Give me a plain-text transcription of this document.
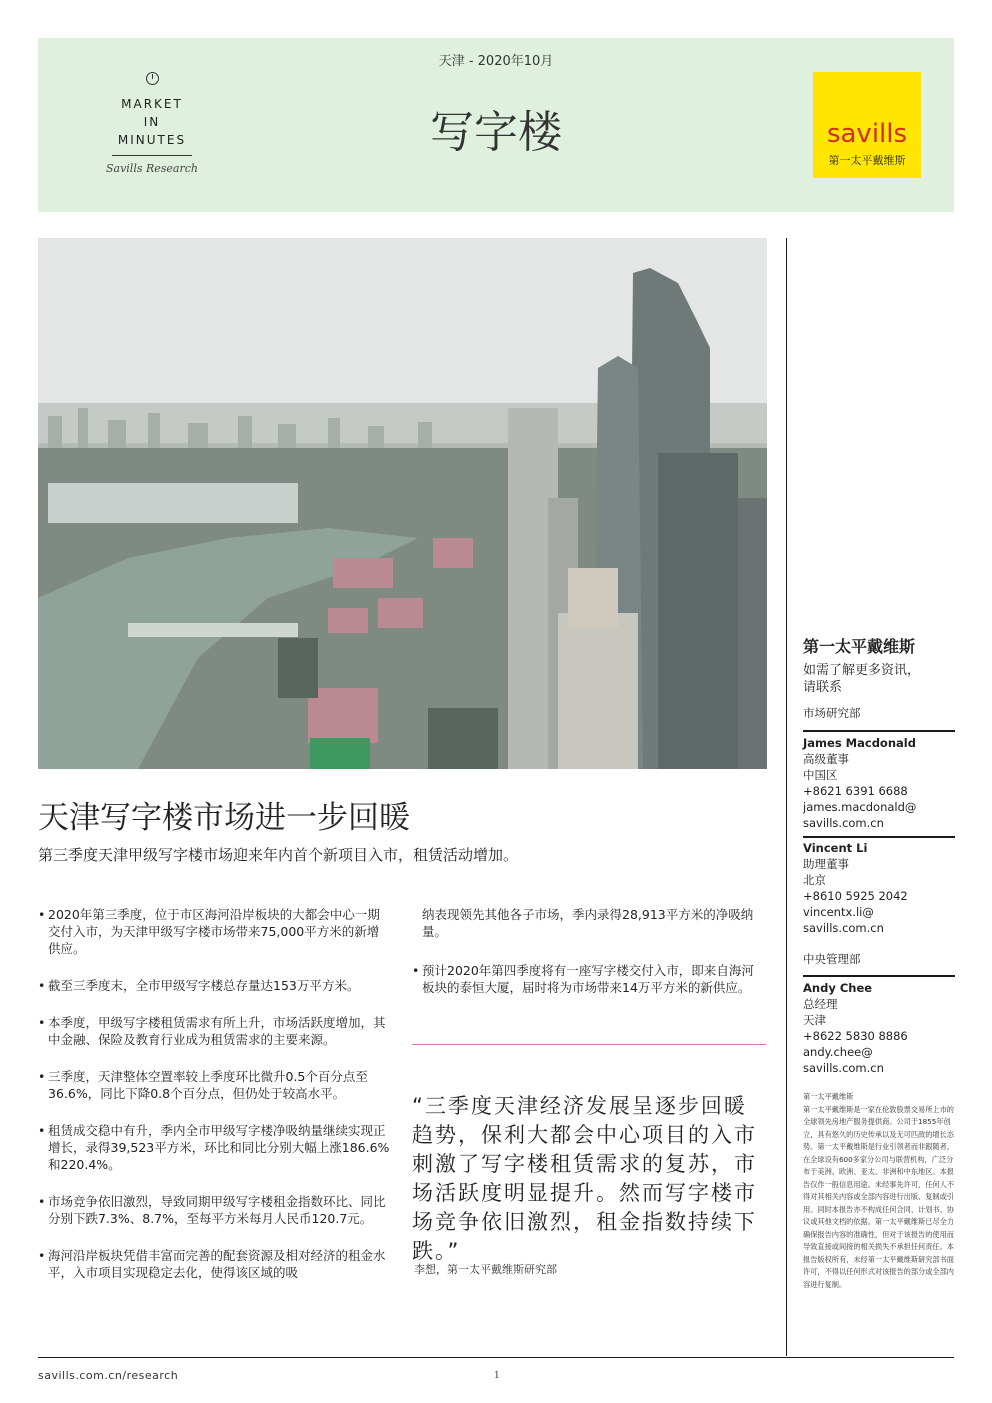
MARKET
IN
MINUTES
Savills Research
天津 - 2020年10月
写字楼	savills
第一太平戴维斯
天津写字楼市场进一步回暖
第三季度天津甲级写字楼市场迎来年内首个新项目入市，租赁活动增加。
• 2020年第三季度，位于市区海河沿岸板块的大都会中心一期交付入市，为天津甲级写字楼市场带来75,000平方米的新增供应。
• 截至三季度末，全市甲级写字楼总存量达153万平方米。
• 本季度，甲级写字楼租赁需求有所上升，市场活跃度增加，其中金融、保险及教育行业成为租赁需求的主要来源。
• 三季度，天津整体空置率较上季度环比微升0.5个百分点至36.6%，同比下降0.8个百分点，但仍处于较高水平。
• 租赁成交稳中有升，季内全市甲级写字楼净吸纳量继续实现正增长，录得39,523平方米，环比和同比分别大幅上涨186.6%和220.4%。
• 市场竞争依旧激烈，导致同期甲级写字楼租金指数环比、同比分别下跌7.3%、8.7%，至每平方米每月人民币120.7元。
• 海河沿岸板块凭借丰富而完善的配套资源及相对经济的租金水平，入市项目实现稳定去化，使得该区域的吸
纳表现领先其他各子市场，季内录得28,913平方米的净吸纳量。
• 预计2020年第四季度将有一座写字楼交付入市，即来自海河板块的泰恒大厦，届时将为市场带来14万平方米的新供应。
“三季度天津经济发展呈逐步回暖趋势，保利大都会中心项目的入市刺激了写字楼租赁需求的复苏，市场活跃度明显提升。然而写字楼市场竞争依旧激烈，租金指数持续下跌。”
李想，第一太平戴维斯研究部
第一太平戴维斯
如需了解更多资讯，
请联系
市场研究部
James Macdonald
高级董事
中国区
+8621 6391 6688
james.macdonald@
savills.com.cn
Vincent Li
助理董事
北京
+8610 5925 2042
vincentx.li@
savills.com.cn
中央管理部
Andy Chee
总经理
天津
+8622 5830 8886
andy.chee@
savills.com.cn
第一太平戴维斯
第一太平戴维斯是一家在伦敦股票交易所上市的全球领先房地产服务提供商。公司于1855年创立，具有悠久的历史传承以及无可匹敌的增长态势。第一太平戴维斯是行业引领者而非跟随者，在全球设有600多家分公司与联营机构，广泛分布于美洲、欧洲、亚太、非洲和中东地区。本报告仅作一般信息用途。未经事先许可，任何人不得对其相关内容或全部内容进行出版、复制或引用。同时本报告亦不构成任何合同、计划书、协议或其他文档的依据。第一太平戴维斯已尽全力确保报告内容的准确性，但对于该报告的使用而导致直接或间接的相关损失不承担任何责任。本报告版权所有，未经第一太平戴维斯研究部书面许可，不得以任何形式对该报告的部分或全部内容进行复制。
savills.com.cn/research	1
